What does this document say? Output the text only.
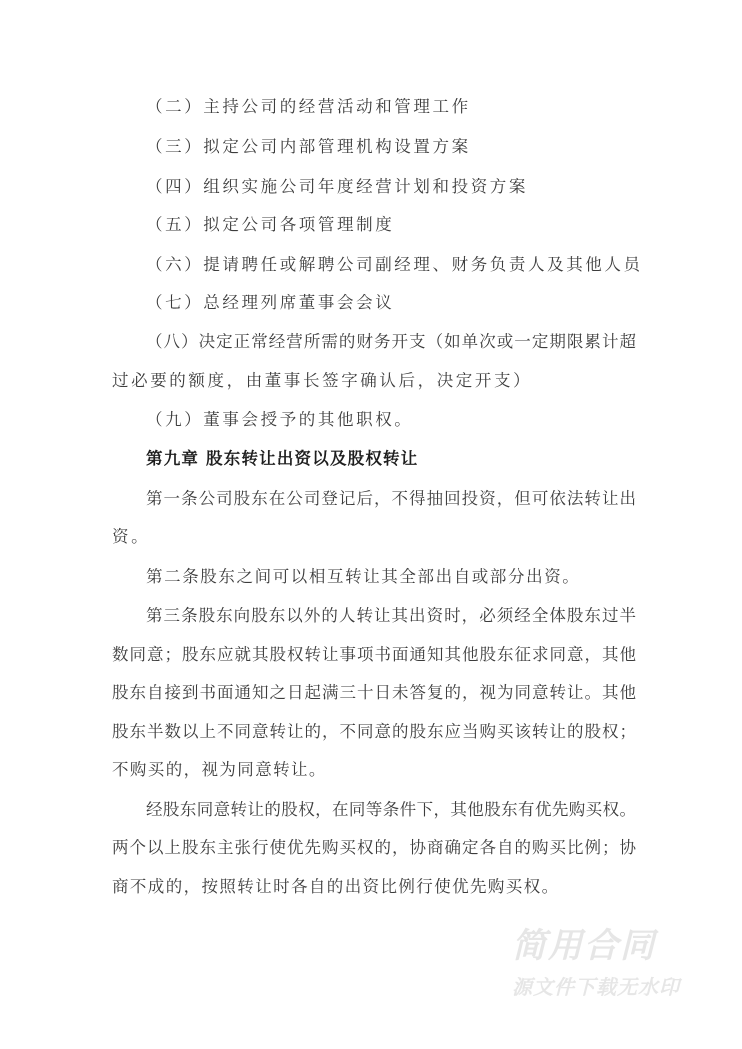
（二）主持公司的经营活动和管理工作
（三）拟定公司内部管理机构设置方案
（四）组织实施公司年度经营计划和投资方案
（五）拟定公司各项管理制度
（六）提请聘任或解聘公司副经理、财务负责人及其他人员
（七）总经理列席董事会会议
（八）决定正常经营所需的财务开支（如单次或一定期限累计超
过必要的额度，由董事长签字确认后，决定开支）
（九）董事会授予的其他职权。
第九章 股东转让出资以及股权转让
第一条公司股东在公司登记后，不得抽回投资，但可依法转让出
资。
第二条股东之间可以相互转让其全部出自或部分出资。
第三条股东向股东以外的人转让其出资时，必须经全体股东过半
数同意；股东应就其股权转让事项书面通知其他股东征求同意，其他
股东自接到书面通知之日起满三十日未答复的，视为同意转让。其他
股东半数以上不同意转让的，不同意的股东应当购买该转让的股权；
不购买的，视为同意转让。
经股东同意转让的股权，在同等条件下，其他股东有优先购买权。
两个以上股东主张行使优先购买权的，协商确定各自的购买比例；协
商不成的，按照转让时各自的出资比例行使优先购买权。
简用合同
源文件下载无水印
